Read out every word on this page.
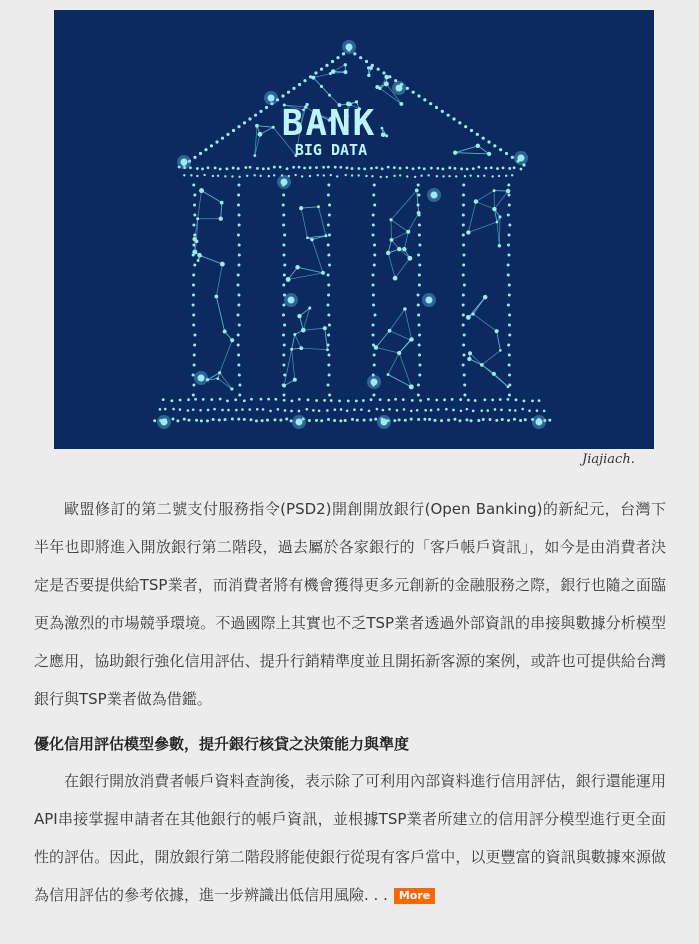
BANK
BIG DATA
Jiajiach.

歐盟修訂的第二號支付服務指令(PSD2)開創開放銀行(Open Banking)的新紀元，台灣下半年也即將進入開放銀行第二階段，過去屬於各家銀行的「客戶帳戶資訊」，如今是由消費者決定是否要提供給TSP業者，而消費者將有機會獲得更多元創新的金融服務之際，銀行也隨之面臨更為激烈的市場競爭環境。不過國際上其實也不乏TSP業者透過外部資訊的串接與數據分析模型之應用，協助銀行強化信用評估、提升行銷精準度並且開拓新客源的案例，或許也可提供給台灣銀行與TSP業者做為借鑑。

優化信用評估模型參數，提升銀行核貸之決策能力與準度

在銀行開放消費者帳戶資料查詢後，表示除了可利用內部資料進行信用評估，銀行還能運用API串接掌握申請者在其他銀行的帳戶資訊，並根據TSP業者所建立的信用評分模型進行更全面性的評估。因此，開放銀行第二階段將能使銀行從現有客戶當中，以更豐富的資訊與數據來源做為信用評估的參考依據，進一步辨識出低信用風險. . . More
